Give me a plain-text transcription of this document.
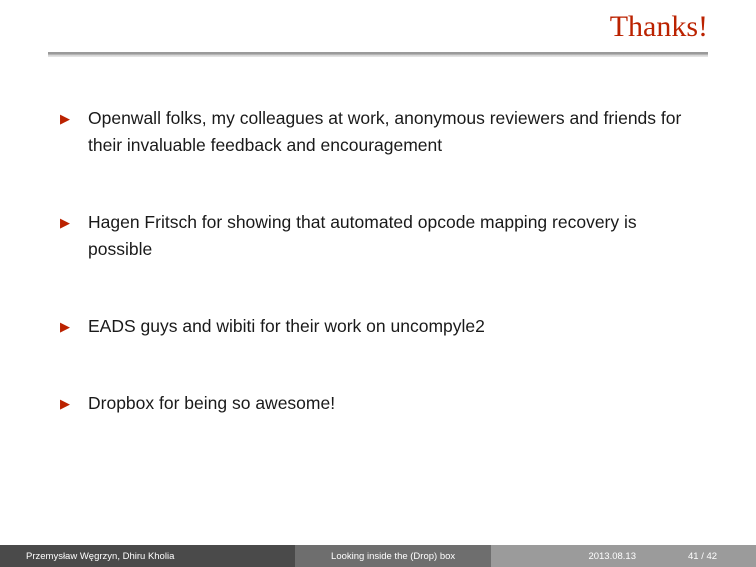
Thanks!
▶	Openwall folks, my colleagues at work, anonymous reviewers and friends for their invaluable feedback and encouragement
▶	Hagen Fritsch for showing that automated opcode mapping recovery is possible
▶	EADS guys and wibiti for their work on uncompyle2
▶	Dropbox for being so awesome!
Przemysław Węgrzyn, Dhiru Kholia	Looking inside the (Drop) box	2013.08.13	41 / 42
